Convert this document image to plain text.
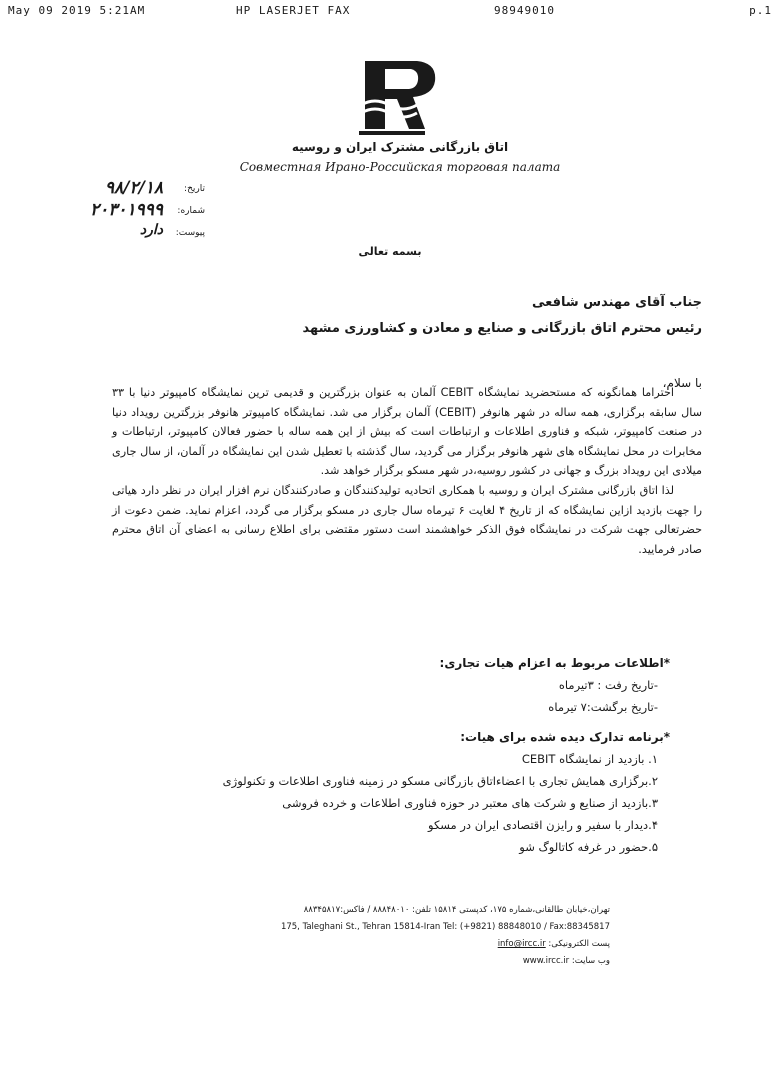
May 09 2019 5:21AM	HP LASERJET FAX	98949010	p.1
اتاق بازرگانی مشترک ایران و روسیه
Совместная Ирано-Российская торговая палата
تاریخ:
۹۸/۲/۱۸
شماره:
۲۰۳۰۱۹۹۹
پیوست:
دارد
بسمه تعالی
جناب آقای مهندس شافعی
رئیس محترم اتاق بازرگانی و صنایع و معادن و کشاورزی مشهد
با سلام،

احتراما همانگونه که مستحضرید نمایشگاه CEBIT آلمان به عنوان بزرگترین و قدیمی ترین نمایشگاه کامپیوتر دنیا با ۳۳ سال سابقه برگزاری، همه ساله در شهر هانوفر (CEBIT) آلمان برگزار می شد. نمایشگاه کامپیوتر هانوفر بزرگترین رویداد دنیا در صنعت کامپیوتر، شبکه و فناوری اطلاعات و ارتباطات است که بیش از این همه ساله با حضور فعالان کامپیوتر، ارتباطات و مخابرات در محل نمایشگاه های شهر هانوفر برگزار می گردید، سال گذشته با تعطیل شدن این نمایشگاه در آلمان، از سال جاری میلادی این رویداد بزرگ و جهانی در کشور روسیه،در شهر مسکو برگزار خواهد شد.

لذا اتاق بازرگانی مشترک ایران و روسیه با همکاری اتحادیه تولیدکنندگان و صادرکنندگان نرم افزار ایران در نظر دارد هیاتی را جهت بازدید ازاین نمایشگاه که از تاریخ ۴ لغایت ۶ تیرماه سال جاری در مسکو برگزار می گردد، اعزام نماید. ضمن دعوت از حضرتعالی جهت شرکت در نمایشگاه فوق الذکر خواهشمند است دستور مقتضی برای اطلاع رسانی به اعضای آن اتاق محترم صادر فرمایید.

*اطلاعات مربوط به اعزام هیات تجاری:
-تاریخ رفت : ۳تیرماه
-تاریخ برگشت:۷ تیرماه
*برنامه تدارک دیده شده برای هیات:
۱. بازدید از نمایشگاه CEBIT
۲.برگزاری همایش تجاری با اعضاءاتاق بازرگانی مسکو در زمینه فناوری اطلاعات و تکنولوژی
۳.بازدید از صنایع و شرکت های معتبر در حوزه فناوری اطلاعات و خرده فروشی
۴.دیدار با سفیر و رایزن اقتصادی ایران در مسکو
۵.حضور در غرفه کاتالوگ شو
تهران،خیابان طالقانی،شماره ۱۷۵، کدپستی ۱۵۸۱۴ تلفن: ۸۸۸۴۸۰۱۰ / فاکس:۸۸۳۴۵۸۱۷
175, Taleghani St., Tehran 15814-Iran Tel: (+9821) 88848010 / Fax:88345817
پست الکترونیکی: info@ircc.ir
وب سایت: www.ircc.ir
